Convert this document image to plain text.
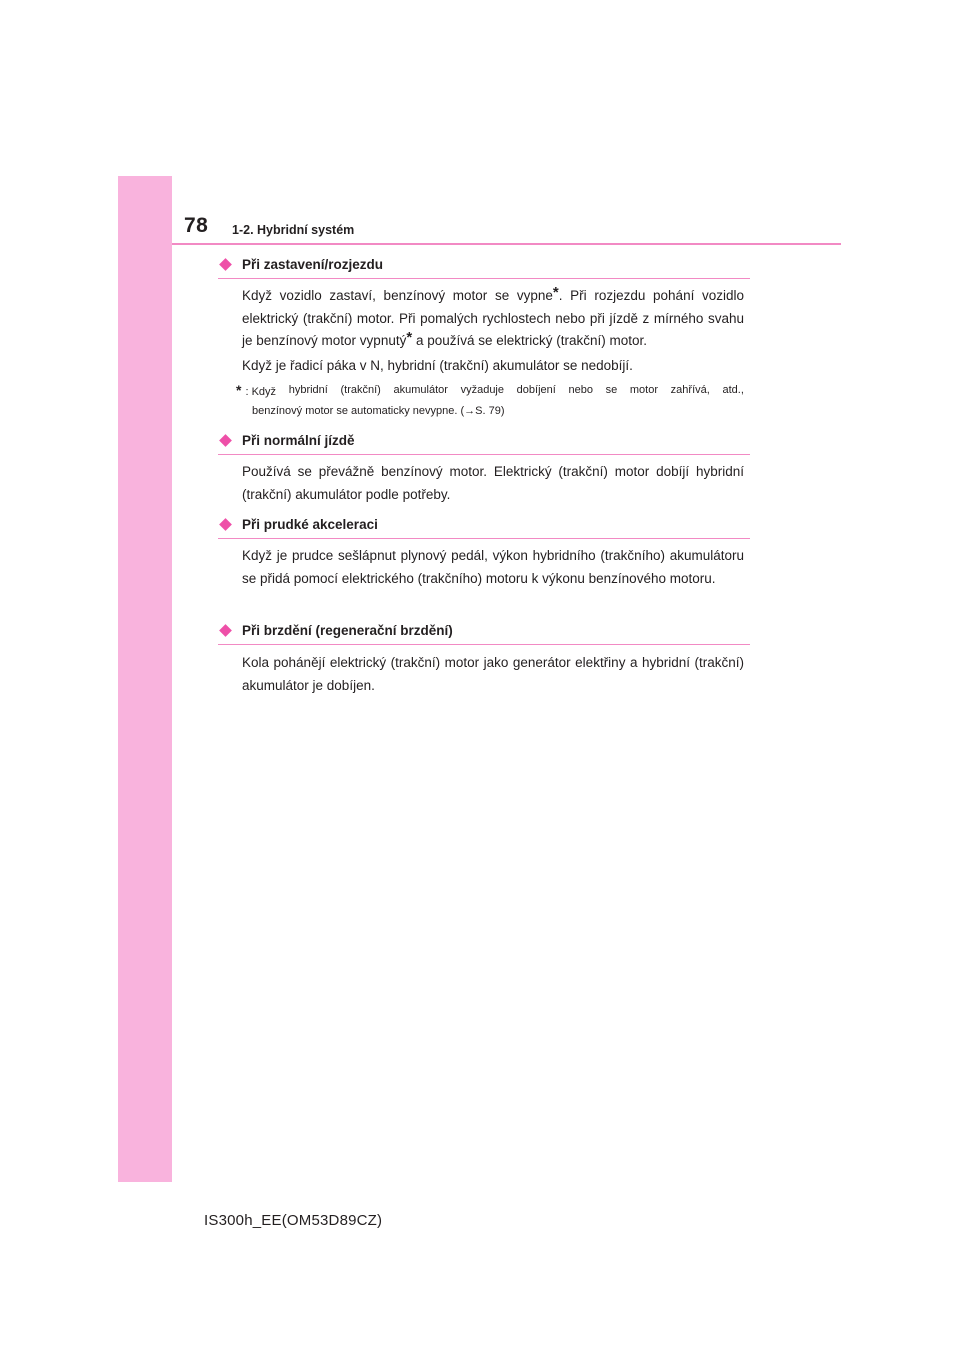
78 1-2. Hybridní systém
Při zastavení/rozjezdu

Když vozidlo zastaví, benzínový motor se vypne*. Při rozjezdu pohání vozidlo elektrický (trakční) motor. Při pomalých rychlostech nebo při jízdě z mírného svahu je benzínový motor vypnutý* a používá se elektrický (trakční) motor.

Když je řadicí páka v N, hybridní (trakční) akumulátor se nedobíjí.

* : Když hybridní (trakční) akumulátor vyžaduje dobíjení nebo se motor zahřívá, atd.,
benzínový motor se automaticky nevypne. (→S. 79)
Při normální jízdě

Používá se převážně benzínový motor. Elektrický (trakční) motor dobíjí hybridní (trakční) akumulátor podle potřeby.

Při prudké akceleraci

Když je prudce sešlápnut plynový pedál, výkon hybridního (trakčního) akumulátoru se přidá pomocí elektrického (trakčního) motoru k výkonu benzínového motoru.

Při brzdění (regenerační brzdění)

Kola pohánějí elektrický (trakční) motor jako generátor elektřiny a hybridní (trakční) akumulátor je dobíjen.

IS300h_EE(OM53D89CZ)
